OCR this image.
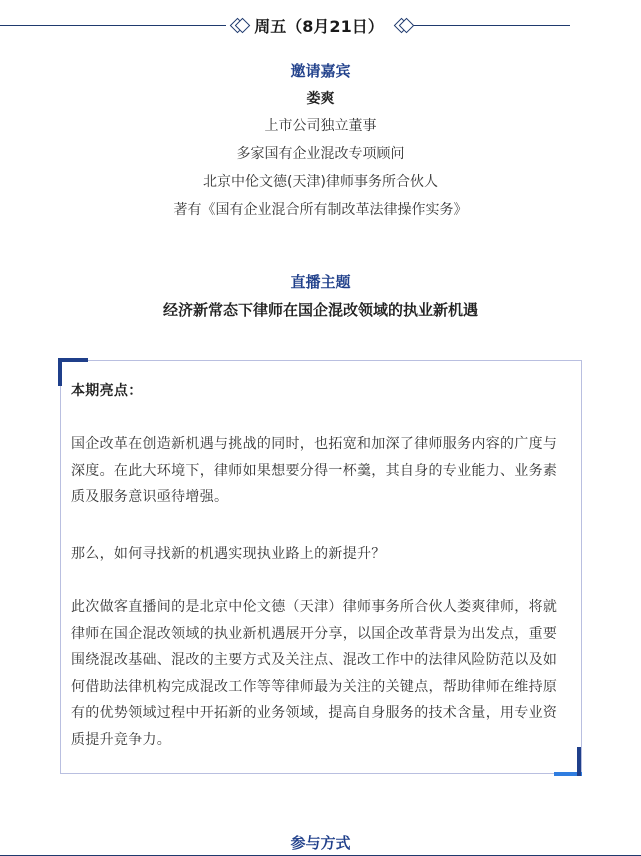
周五（8月21日）
邀请嘉宾
娄爽
上市公司独立董事
多家国有企业混改专项顾问
北京中伦文德(天津)律师事务所合伙人
著有《国有企业混合所有制改革法律操作实务》
直播主题
经济新常态下律师在国企混改领域的执业新机遇
本期亮点：
国企改革在创造新机遇与挑战的同时，也拓宽和加深了律师服务内容的广度与深度。在此大环境下，律师如果想要分得一杯羹，其自身的专业能力、业务素质及服务意识亟待增强。
那么，如何寻找新的机遇实现执业路上的新提升？
此次做客直播间的是北京中伦文德（天津）律师事务所合伙人娄爽律师，将就律师在国企混改领域的执业新机遇展开分享，以国企改革背景为出发点，重要围绕混改基础、混改的主要方式及关注点、混改工作中的法律风险防范以及如何借助法律机构完成混改工作等等律师最为关注的关键点，帮助律师在维持原有的优势领域过程中开拓新的业务领域，提高自身服务的技术含量，用专业资质提升竞争力。
参与方式
